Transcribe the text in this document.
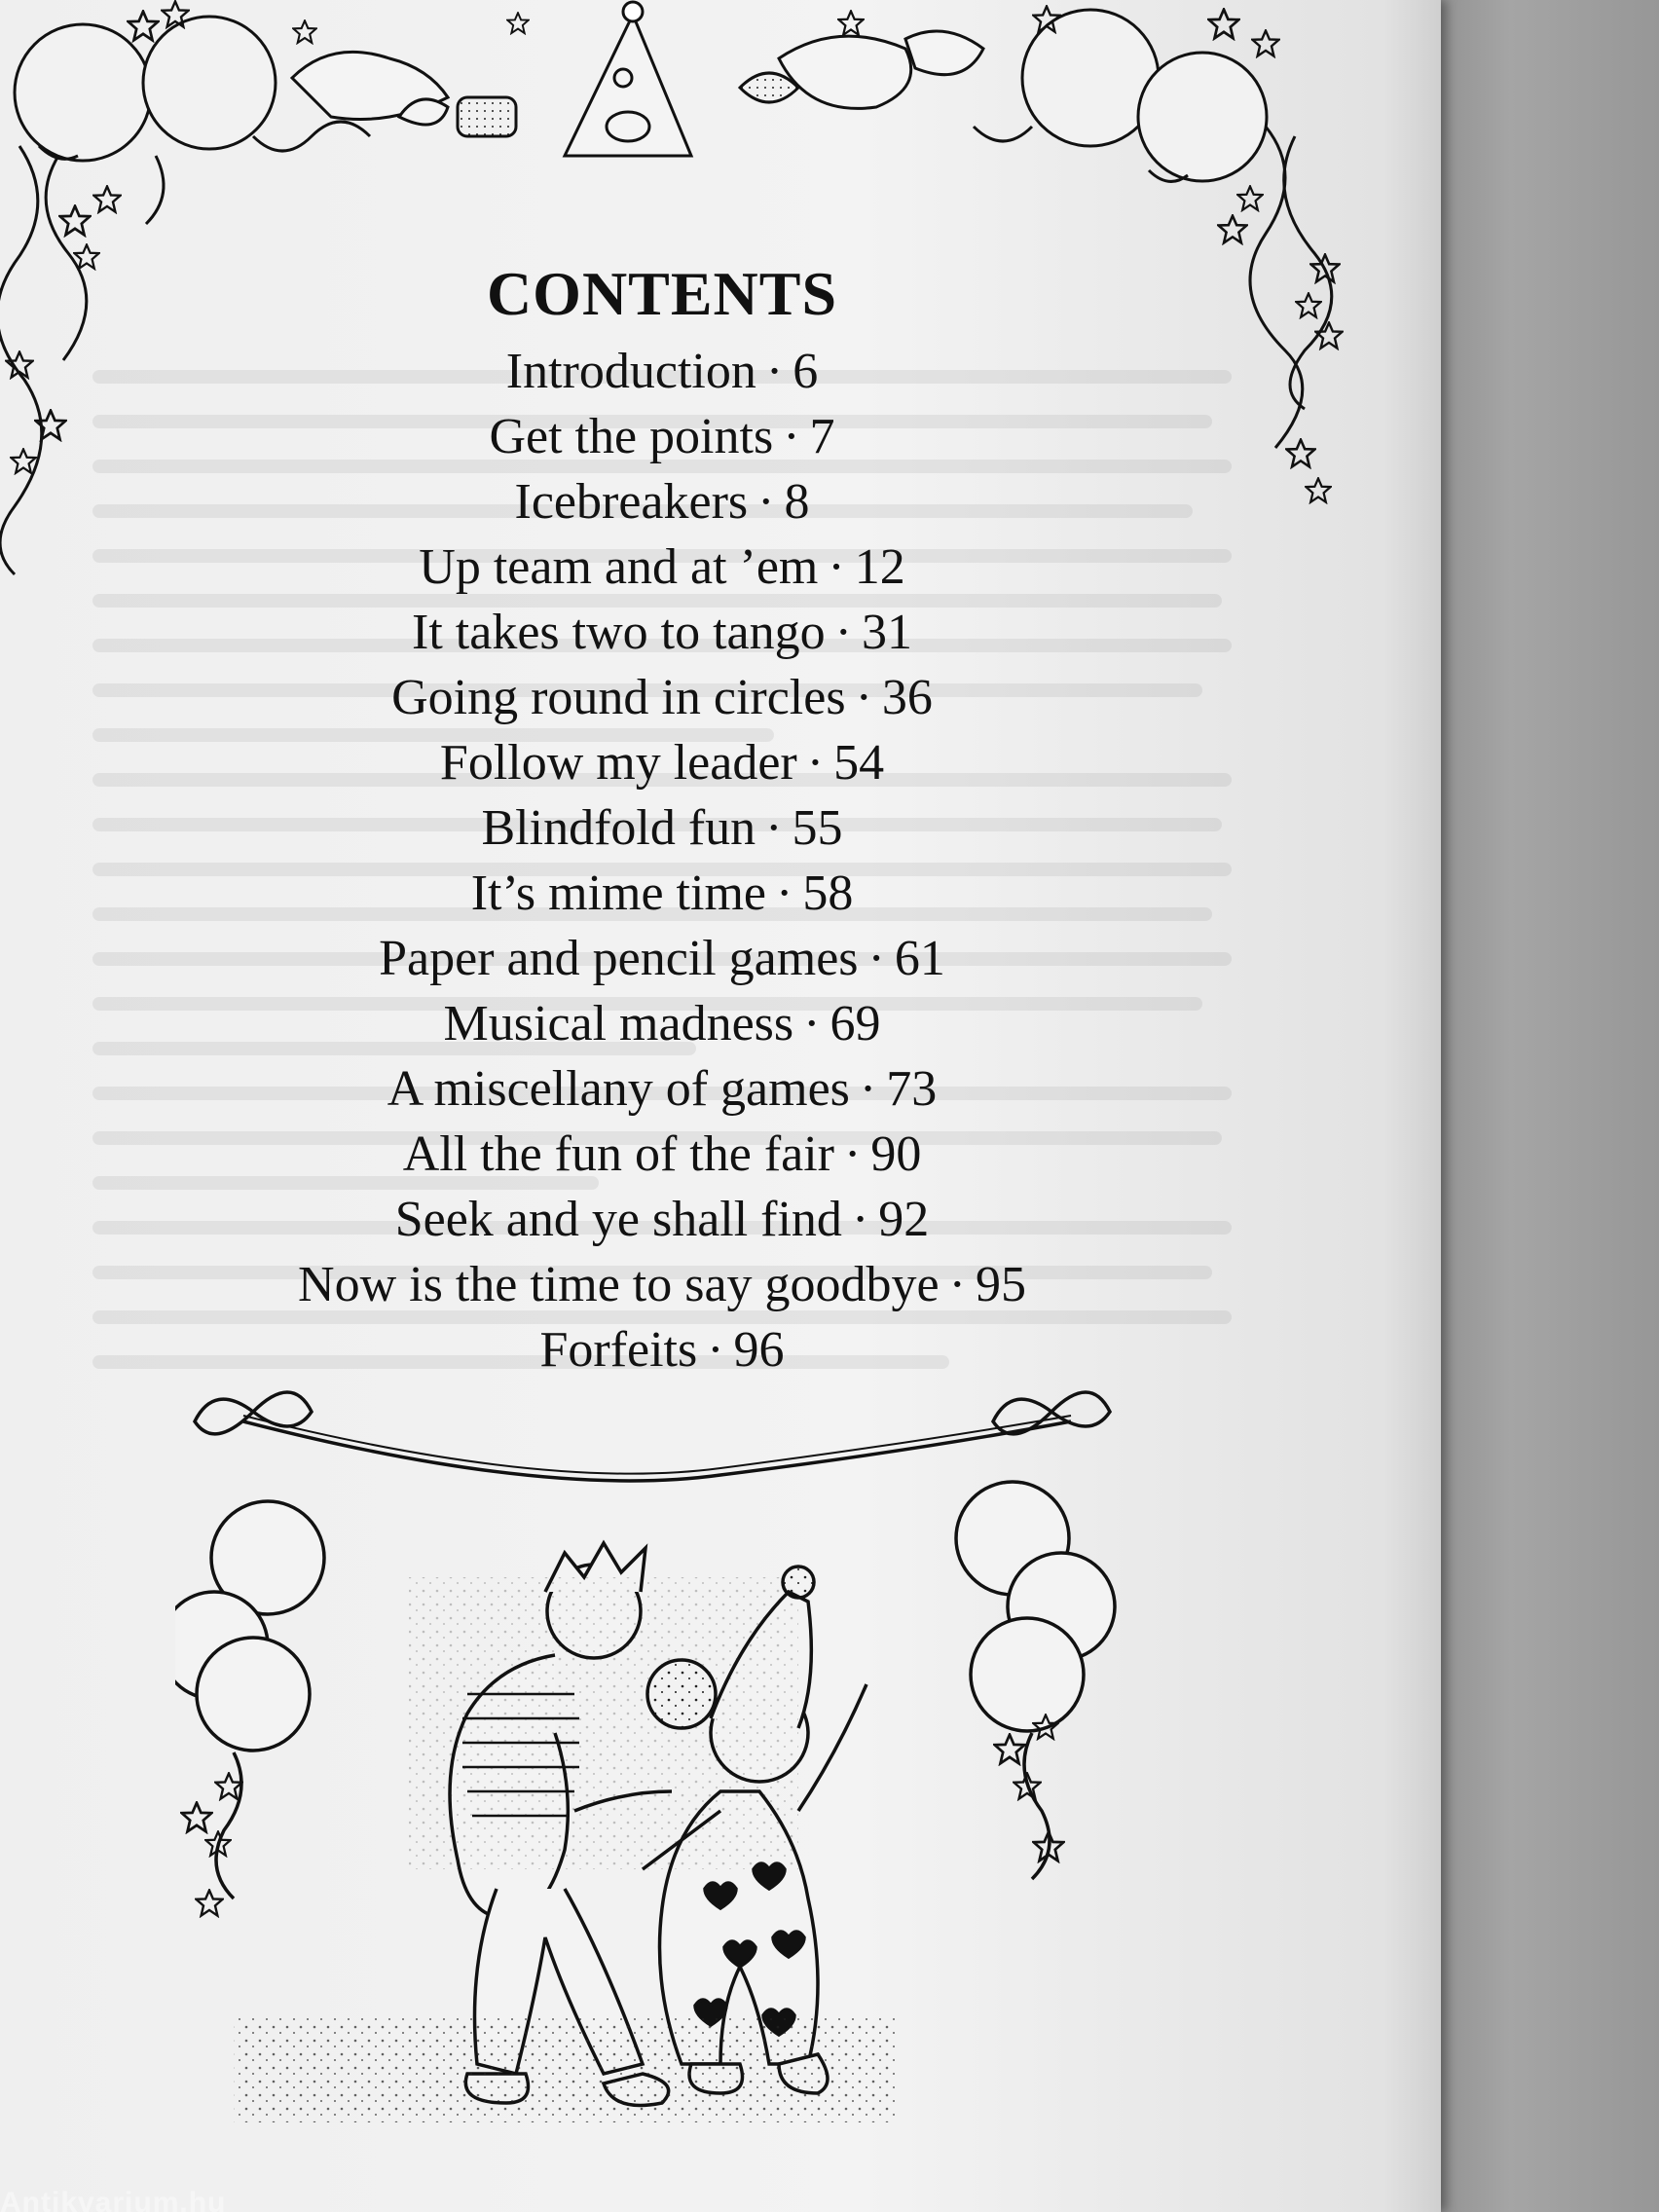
CONTENTS
Introduction · 6
Get the points · 7
Icebreakers · 8
Up team and at ’em · 12
It takes two to tango · 31
Going round in circles · 36
Follow my leader · 54
Blindfold fun · 55
It’s mime time · 58
Paper and pencil games · 61
Musical madness · 69
A miscellany of games · 73
All the fun of the fair · 90
Seek and ye shall find · 92
Now is the time to say goodbye · 95
Forfeits · 96
Antikvarium.hu
